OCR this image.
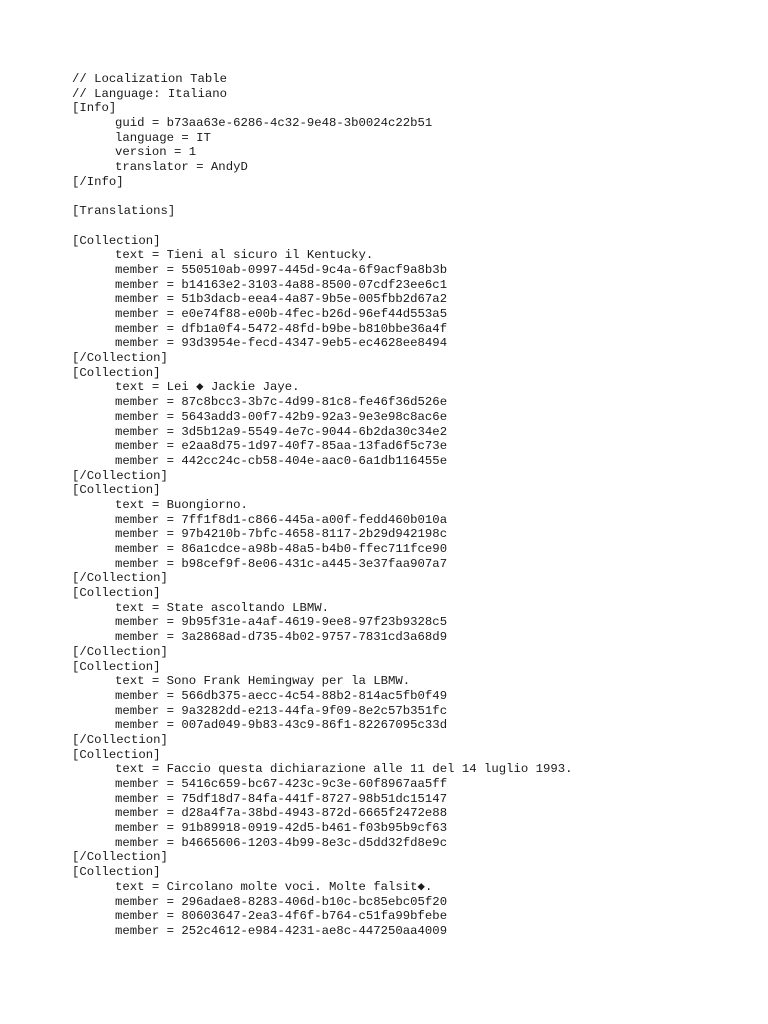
// Localization Table
// Language: Italiano
[Info]
guid = b73aa63e-6286-4c32-9e48-3b0024c22b51
language = IT
version = 1
translator = AndyD
[/Info]
[Translations]
[Collection]
text = Tieni al sicuro il Kentucky.
member = 550510ab-0997-445d-9c4a-6f9acf9a8b3b
member = b14163e2-3103-4a88-8500-07cdf23ee6c1
member = 51b3dacb-eea4-4a87-9b5e-005fbb2d67a2
member = e0e74f88-e00b-4fec-b26d-96ef44d553a5
member = dfb1a0f4-5472-48fd-b9be-b810bbe36a4f
member = 93d3954e-fecd-4347-9eb5-ec4628ee8494
[/Collection]
[Collection]
text = Lei ◆ Jackie Jaye.
member = 87c8bcc3-3b7c-4d99-81c8-fe46f36d526e
member = 5643add3-00f7-42b9-92a3-9e3e98c8ac6e
member = 3d5b12a9-5549-4e7c-9044-6b2da30c34e2
member = e2aa8d75-1d97-40f7-85aa-13fad6f5c73e
member = 442cc24c-cb58-404e-aac0-6a1db116455e
[/Collection]
[Collection]
text = Buongiorno.
member = 7ff1f8d1-c866-445a-a00f-fedd460b010a
member = 97b4210b-7bfc-4658-8117-2b29d942198c
member = 86a1cdce-a98b-48a5-b4b0-ffec711fce90
member = b98cef9f-8e06-431c-a445-3e37faa907a7
[/Collection]
[Collection]
text = State ascoltando LBMW.
member = 9b95f31e-a4af-4619-9ee8-97f23b9328c5
member = 3a2868ad-d735-4b02-9757-7831cd3a68d9
[/Collection]
[Collection]
text = Sono Frank Hemingway per la LBMW.
member = 566db375-aecc-4c54-88b2-814ac5fb0f49
member = 9a3282dd-e213-44fa-9f09-8e2c57b351fc
member = 007ad049-9b83-43c9-86f1-82267095c33d
[/Collection]
[Collection]
text = Faccio questa dichiarazione alle 11 del 14 luglio 1993.
member = 5416c659-bc67-423c-9c3e-60f8967aa5ff
member = 75df18d7-84fa-441f-8727-98b51dc15147
member = d28a4f7a-38bd-4943-872d-6665f2472e88
member = 91b89918-0919-42d5-b461-f03b95b9cf63
member = b4665606-1203-4b99-8e3c-d5dd32fd8e9c
[/Collection]
[Collection]
text = Circolano molte voci. Molte falsit◆.
member = 296adae8-8283-406d-b10c-bc85ebc05f20
member = 80603647-2ea3-4f6f-b764-c51fa99bfebe
member = 252c4612-e984-4231-ae8c-447250aa4009
